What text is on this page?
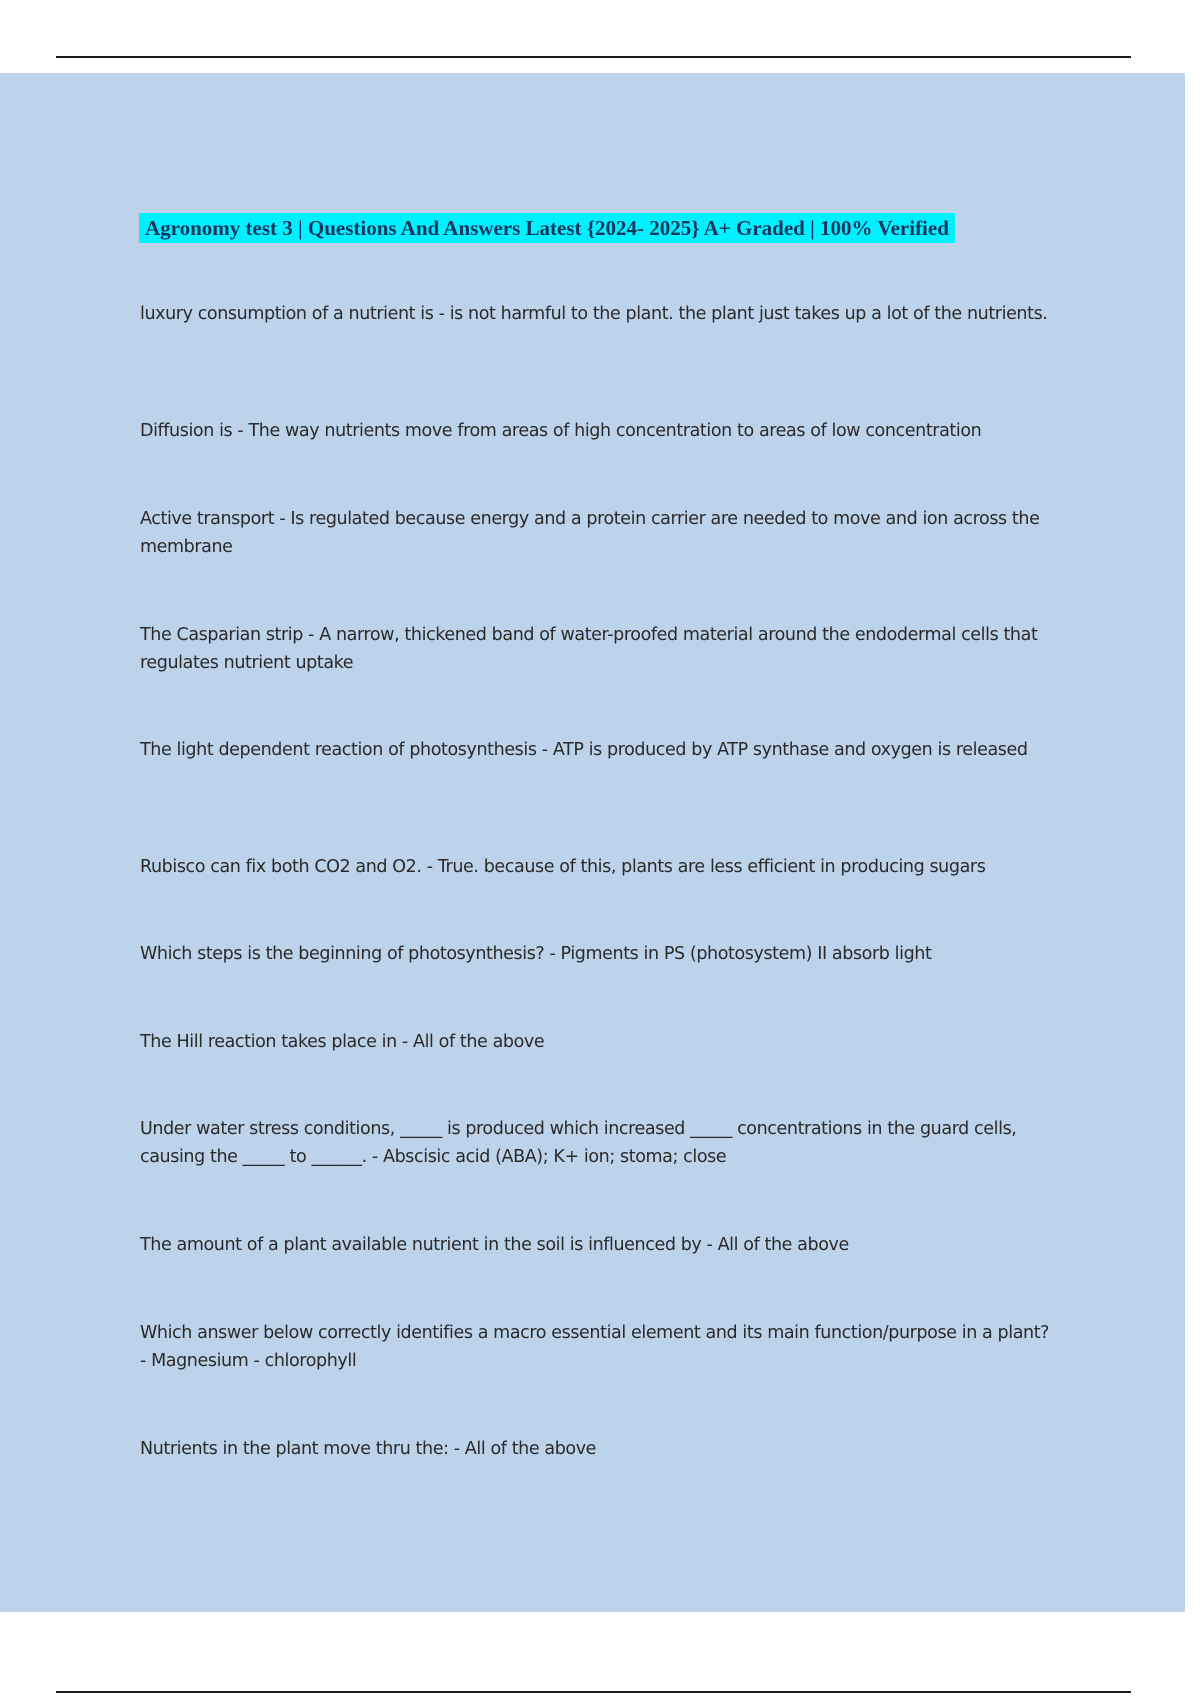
Agronomy test 3 | Questions And Answers Latest {2024- 2025} A+ Graded | 100% Verified
luxury consumption of a nutrient is - is not harmful to the plant. the plant just takes up a lot of the nutrients.
Diffusion is - The way nutrients move from areas of high concentration to areas of low concentration
Active transport - Is regulated because energy and a protein carrier are needed to move and ion across the membrane
The Casparian strip - A narrow, thickened band of water-proofed material around the endodermal cells that regulates nutrient uptake
The light dependent reaction of photosynthesis - ATP is produced by ATP synthase and oxygen is released
Rubisco can fix both CO2 and O2. - True. because of this, plants are less efficient in producing sugars
Which steps is the beginning of photosynthesis? - Pigments in PS (photosystem) II absorb light
The Hill reaction takes place in - All of the above
Under water stress conditions, _____ is produced which increased _____ concentrations in the guard cells, causing the _____ to ______. - Abscisic acid (ABA); K+ ion; stoma; close
The amount of a plant available nutrient in the soil is influenced by - All of the above
Which answer below correctly identifies a macro essential element and its main function/purpose in a plant? - Magnesium - chlorophyll
Nutrients in the plant move thru the: - All of the above
